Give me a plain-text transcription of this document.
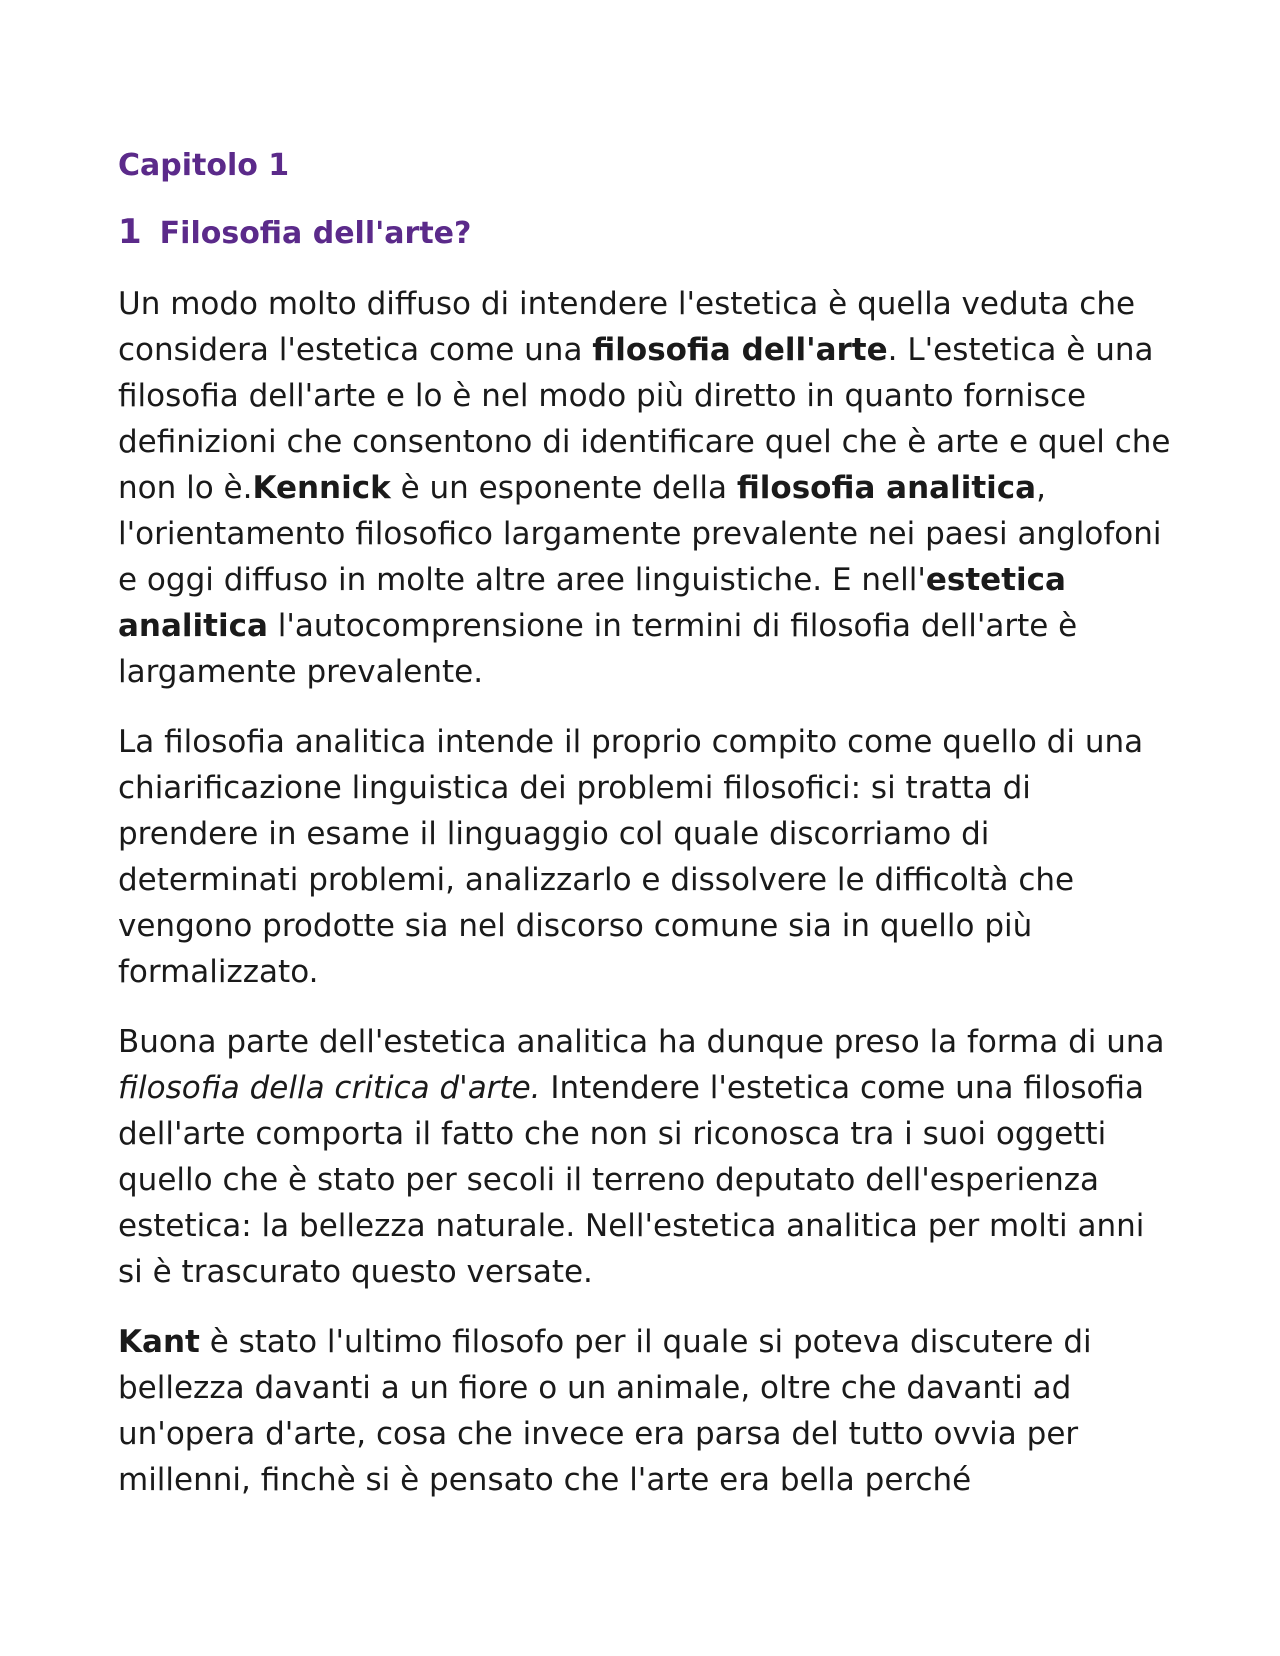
Capitolo 1
1 Filosofia dell'arte?

Un modo molto diffuso di intendere l'estetica è quella veduta che considera l'estetica come una filosofia dell'arte. L'estetica è una filosofia dell'arte e lo è nel modo più diretto in quanto fornisce definizioni che consentono di identificare quel che è arte e quel che non lo è.Kennick è un esponente della filosofia analitica, l'orientamento filosofico largamente prevalente nei paesi anglofoni e oggi diffuso in molte altre aree linguistiche. E nell'estetica analitica l'autocomprensione in termini di filosofia dell'arte è largamente prevalente.

La filosofia analitica intende il proprio compito come quello di una chiarificazione linguistica dei problemi filosofici: si tratta di prendere in esame il linguaggio col quale discorriamo di determinati problemi, analizzarlo e dissolvere le difficoltà che vengono prodotte sia nel discorso comune sia in quello più formalizzato.

Buona parte dell'estetica analitica ha dunque preso la forma di una filosofia della critica d'arte. Intendere l'estetica come una filosofia dell'arte comporta il fatto che non si riconosca tra i suoi oggetti quello che è stato per secoli il terreno deputato dell'esperienza estetica: la bellezza naturale. Nell'estetica analitica per molti anni si è trascurato questo versate.

Kant è stato l'ultimo filosofo per il quale si poteva discutere di bellezza davanti a un fiore o un animale, oltre che davanti ad un'opera d'arte, cosa che invece era parsa del tutto ovvia per millenni, finchè si è pensato che l'arte era bella perché
